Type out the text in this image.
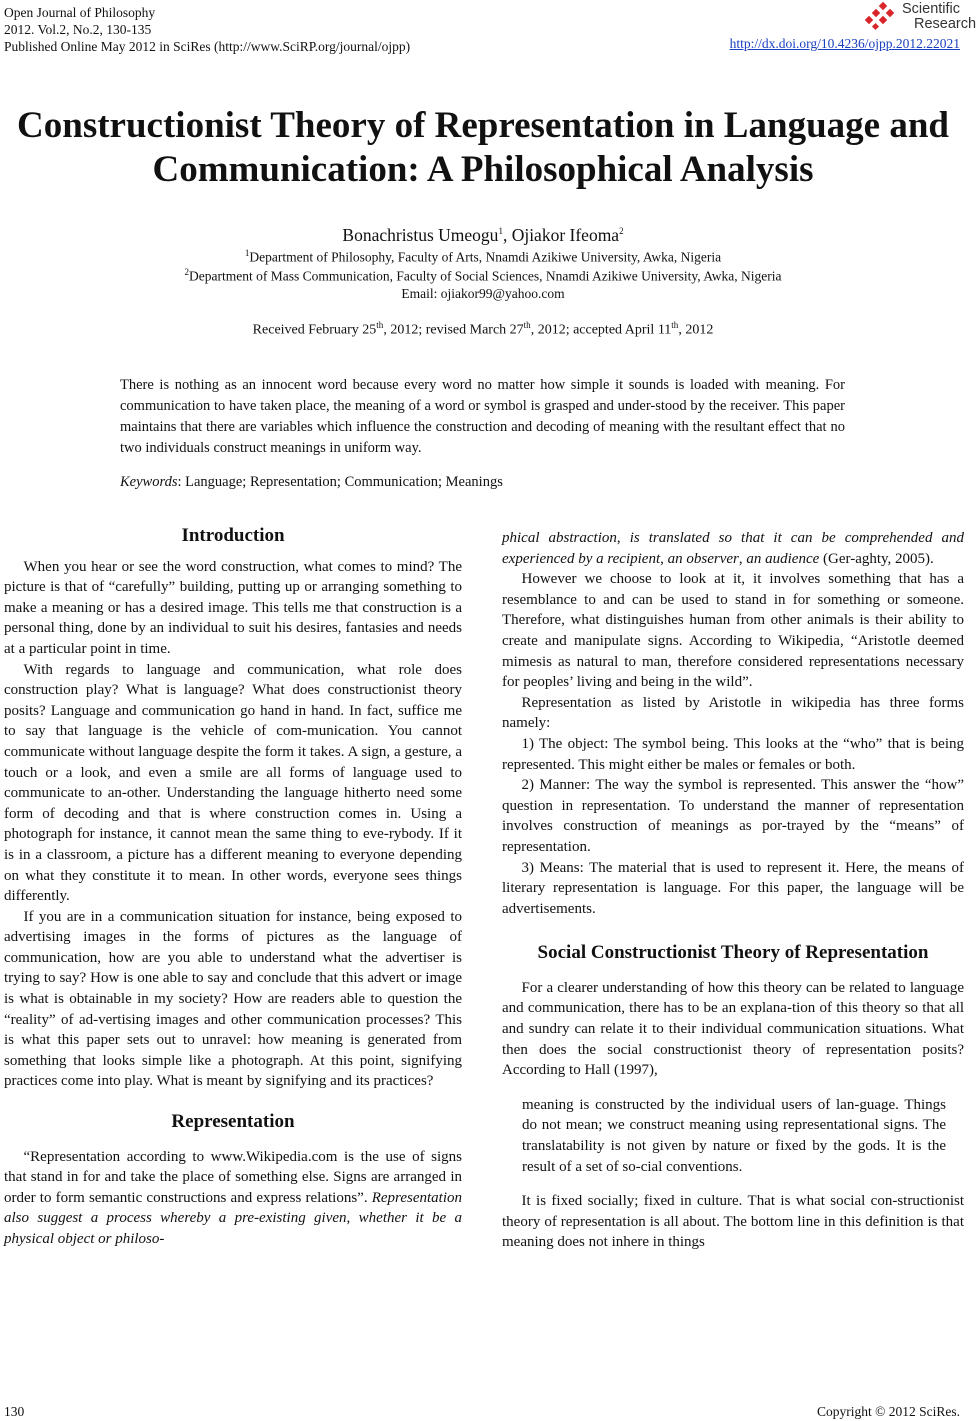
Open Journal of Philosophy
2012. Vol.2, No.2, 130-135
Published Online May 2012 in SciRes (http://www.SciRP.org/journal/ojpp)
Scientific
Research
http://dx.doi.org/10.4236/ojpp.2012.22021
Constructionist Theory of Representation in Language and
Communication: A Philosophical Analysis
Bonachristus Umeogu$^1$, Ojiakor Ifeoma$^2$
$^1$Department of Philosophy, Faculty of Arts, Nnamdi Azikiwe University, Awka, Nigeria
$^2$Department of Mass Communication, Faculty of Social Sciences, Nnamdi Azikiwe University, Awka, Nigeria
Email: ojiakor99@yahoo.com
Received February 25th, 2012; revised March 27th, 2012; accepted April 11th, 2012
There is nothing as an innocent word because every word no matter how simple it sounds is loaded with meaning. For communication to have taken place, the meaning of a word or symbol is grasped and under-stood by the receiver. This paper maintains that there are variables which influence the construction and decoding of meaning with the resultant effect that no two individuals construct meanings in uniform way.
Keywords: Language; Representation; Communication; Meanings
Introduction

When you hear or see the word construction, what comes to mind? The picture is that of “carefully” building, putting up or arranging something to make a meaning or has a desired image. This tells me that construction is a personal thing, done by an individual to suit his desires, fantasies and needs at a particular point in time.

With regards to language and communication, what role does construction play? What is language? What does constructionist theory posits? Language and communication go hand in hand. In fact, suffice me to say that language is the vehicle of com-munication. You cannot communicate without language despite the form it takes. A sign, a gesture, a touch or a look, and even a smile are all forms of language used to communicate to an-other. Understanding the language hitherto need some form of decoding and that is where construction comes in. Using a photograph for instance, it cannot mean the same thing to eve-rybody. If it is in a classroom, a picture has a different meaning to everyone depending on what they constitute it to mean. In other words, everyone sees things differently.

If you are in a communication situation for instance, being exposed to advertising images in the forms of pictures as the language of communication, how are you able to understand what the advertiser is trying to say? How is one able to say and conclude that this advert or image is what is obtainable in my society? How are readers able to question the “reality” of ad-vertising images and other communication processes? This is what this paper sets out to unravel: how meaning is generated from something that looks simple like a photograph. At this point, signifying practices come into play. What is meant by signifying and its practices?

Representation

“Representation according to www.Wikipedia.com is the use of signs that stand in for and take the place of something else. Signs are arranged in order to form semantic constructions and express relations”. Representation also suggest a process whereby a pre-existing given, whether it be a physical object or philoso-

phical abstraction, is translated so that it can be comprehended and experienced by a recipient, an observer, an audience (Ger-aghty, 2005).

However we choose to look at it, it involves something that has a resemblance to and can be used to stand in for something or someone. Therefore, what distinguishes human from other animals is their ability to create and manipulate signs. According to Wikipedia, “Aristotle deemed mimesis as natural to man, therefore considered representations necessary for peoples’ living and being in the wild”.

Representation as listed by Aristotle in wikipedia has three forms namely:

1) The object: The symbol being. This looks at the “who” that is being represented. This might either be males or females or both.

2) Manner: The way the symbol is represented. This answer the “how” question in representation. To understand the manner of representation involves construction of meanings as por-trayed by the “means” of representation.

3) Means: The material that is used to represent it. Here, the means of literary representation is language. For this paper, the language will be advertisements.

Social Constructionist Theory of Representation

For a clearer understanding of how this theory can be related to language and communication, there has to be an explana-tion of this theory so that all and sundry can relate it to their individual communication situations. What then does the social constructionist theory of representation posits? According to Hall (1997),

meaning is constructed by the individual users of lan-guage. Things do not mean; we construct meaning using representational signs. The translatability is not given by nature or fixed by the gods. It is the result of a set of so-cial conventions.

It is fixed socially; fixed in culture. That is what social con-structionist theory of representation is all about. The bottom line in this definition is that meaning does not inhere in things

130	Copyright © 2012 SciRes.
